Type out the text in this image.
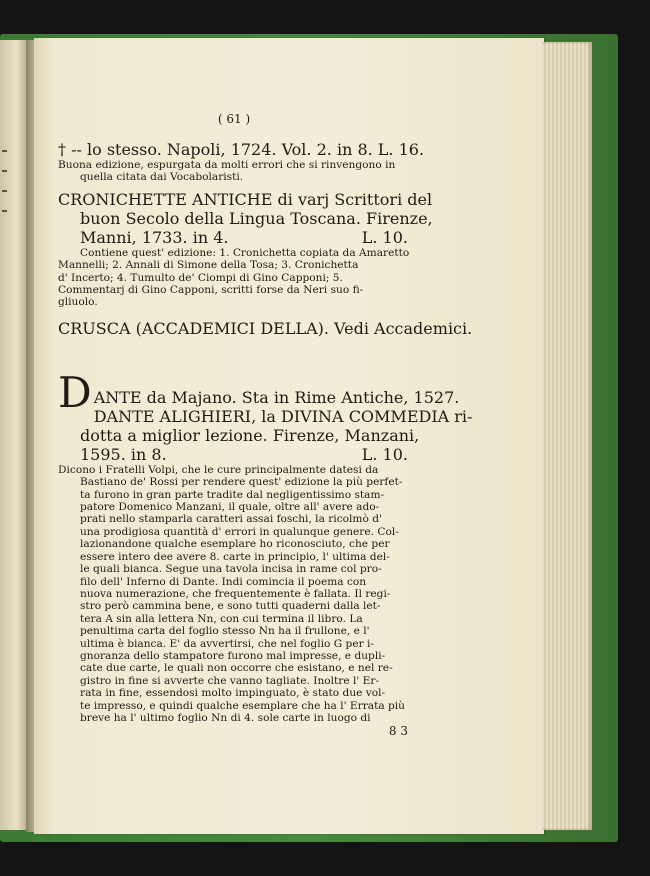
( 61 )
† -- lo stesso. Napoli, 1724. Vol. 2. in 8. L. 16.
Buona edizione, espurgata da molti errori che si rinvengono in
quella citata dai Vocabolaristi.
CRONICHETTE ANTICHE di varj Scrittori del
buon Secolo della Lingua Toscana. Firenze,
Manni, 1733. in 4.	L. 10.
Contiene quest' edizione: 1. Cronichetta copiata da Amaretto
Mannelli; 2. Annali di Simone della Tosa; 3. Cronichetta
d' Incerto; 4. Tumulto de' Ciompi di Gino Capponi; 5.
Commentarj di Gino Capponi, scritti forse da Neri suo fi-
gliuolo.
CRUSCA (ACCADEMICI DELLA). Vedi Accademici.
D ANTE da Majano. Sta in Rime Antiche, 1527.
DANTE ALIGHIERI, la DIVINA COMMEDIA ri-
dotta a miglior lezione. Firenze, Manzani,
1595. in 8.	L. 10.
Dicono i Fratelli Volpi, che le cure principalmente datesi da
Bastiano de' Rossi per rendere quest' edizione la più perfet-
ta furono in gran parte tradite dal negligentissimo stam-
patore Domenico Manzani, il quale, oltre all' avere ado-
prati nello stamparla caratteri assai foschi, la ricolmò d'
una prodigiosa quantità d' errori in qualunque genere. Col-
lazionandone qualche esemplare ho riconosciuto, che per
essere intero dee avere 8. carte in principio, l' ultima del-
le quali bianca. Segue una tavola incisa in rame col pro-
filo dell' Inferno di Dante. Indi comincia il poema con
nuova numerazione, che frequentemente è fallata. Il regi-
stro però cammina bene, e sono tutti quaderni dalla let-
tera A sin alla lettera Nn, con cui termina il libro. La
penultima carta del foglio stesso Nn ha il frullone, e l'
ultima è bianca. E' da avvertirsi, che nel foglio G per i-
gnoranza dello stampatore furono mal impresse, e dupli-
cate due carte, le quali non occorre che esistano, e nel re-
gistro in fine si avverte che vanno tagliate. Inoltre l' Er-
rata in fine, essendosi molto impinguato, è stato due vol-
te impresso, e quindi qualche esemplare che ha l' Errata più
breve ha l' ultimo foglio Nn di 4. sole carte in luogo di
8 3
